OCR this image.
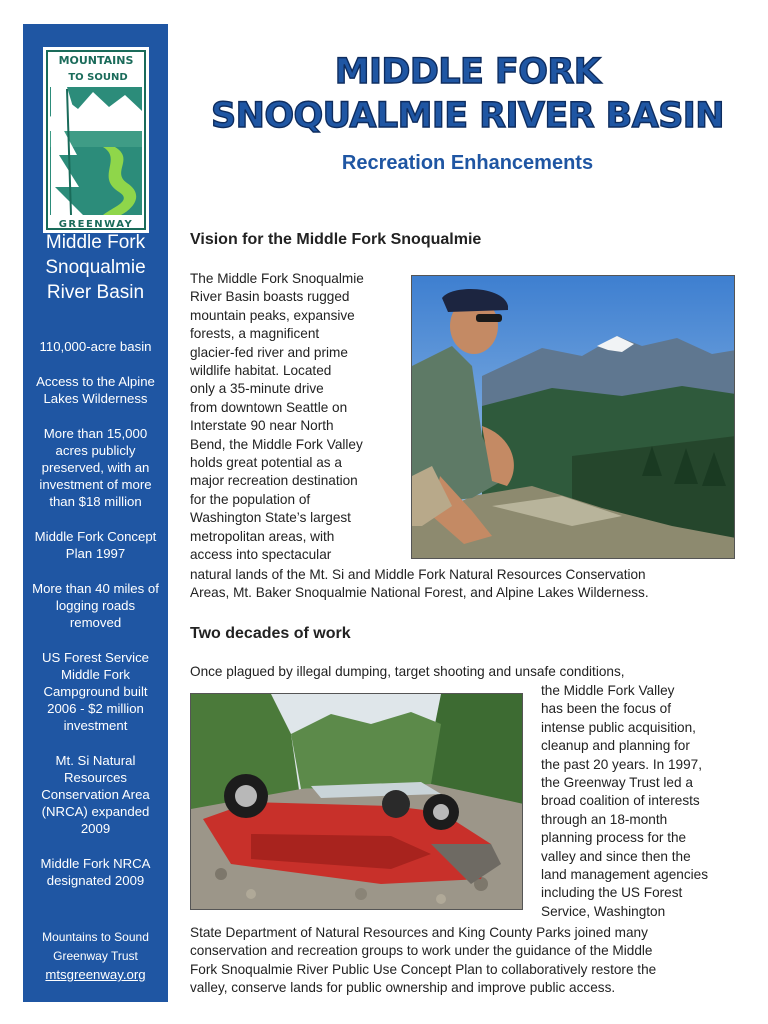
MOUNTAINS
TO SOUND
GREENWAY
Middle Fork Snoqualmie River Basin
110,000-acre basin
Access to the Alpine Lakes Wilderness
More than 15,000 acres publicly preserved, with an investment of more than $18 million
Middle Fork Concept Plan 1997
More than 40 miles of logging roads removed
US Forest Service Middle Fork Campground built 2006 - $2 million investment
Mt. Si Natural Resources Conservation Area (NRCA) expanded 2009
Middle Fork NRCA designated 2009
Mountains to Sound Greenway Trust
mtsgreenway.org
MIDDLE FORK
SNOQUALMIE RIVER BASIN
Recreation Enhancements
Vision for the Middle Fork Snoqualmie
The Middle Fork Snoqualmie
River Basin boasts rugged
mountain peaks, expansive
forests, a magnificent
glacier-fed river and prime
wildlife habitat. Located
only a 35-minute drive
from downtown Seattle on
Interstate 90 near North
Bend, the Middle Fork Valley
holds great potential as a
major recreation destination
for the population of
Washington State’s largest
metropolitan areas, with
access into spectacular
natural lands of the Mt. Si and Middle Fork Natural Resources Conservation
Areas, Mt. Baker Snoqualmie National Forest, and Alpine Lakes Wilderness.
Two decades of work
Once plagued by illegal dumping, target shooting and unsafe conditions,
the Middle Fork Valley
has been the focus of
intense public acquisition,
cleanup and planning for
the past 20 years. In 1997,
the Greenway Trust led a
broad coalition of interests
through an 18-month
planning process for the
valley and since then the
land management agencies
including the US Forest
Service, Washington
State Department of Natural Resources and King County Parks joined many
conservation and recreation groups to work under the guidance of the Middle
Fork Snoqualmie River Public Use Concept Plan to collaboratively restore the
valley, conserve lands for public ownership and improve public access.
